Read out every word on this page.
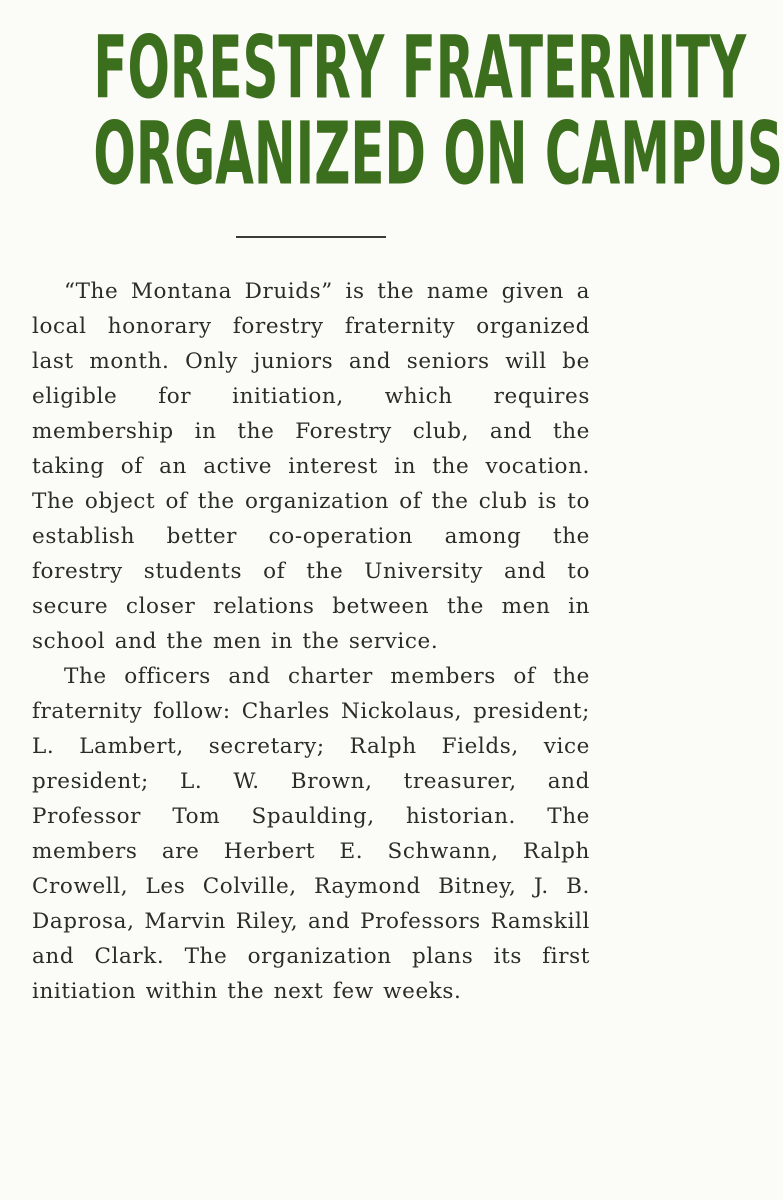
FORESTRY FRATERNITY
ORGANIZED ON CAMPUS

“The Montana Druids” is the name given a local honorary forestry fraternity organized last month. Only juniors and seniors will be eligible for initiation, which requires membership in the Forestry club, and the taking of an active interest in the vocation. The object of the organization of the club is to establish better co-operation among the forestry students of the University and to secure closer relations between the men in school and the men in the service.

The officers and charter members of the fraternity follow: Charles Nickolaus, president; L. Lambert, secretary; Ralph Fields, vice president; L. W. Brown, treasurer, and Professor Tom Spaulding, historian. The members are Herbert E. Schwann, Ralph Crowell, Les Colville, Raymond Bitney, J. B. Daprosa, Marvin Riley, and Professors Ramskill and Clark. The organization plans its first initiation within the next few weeks.
